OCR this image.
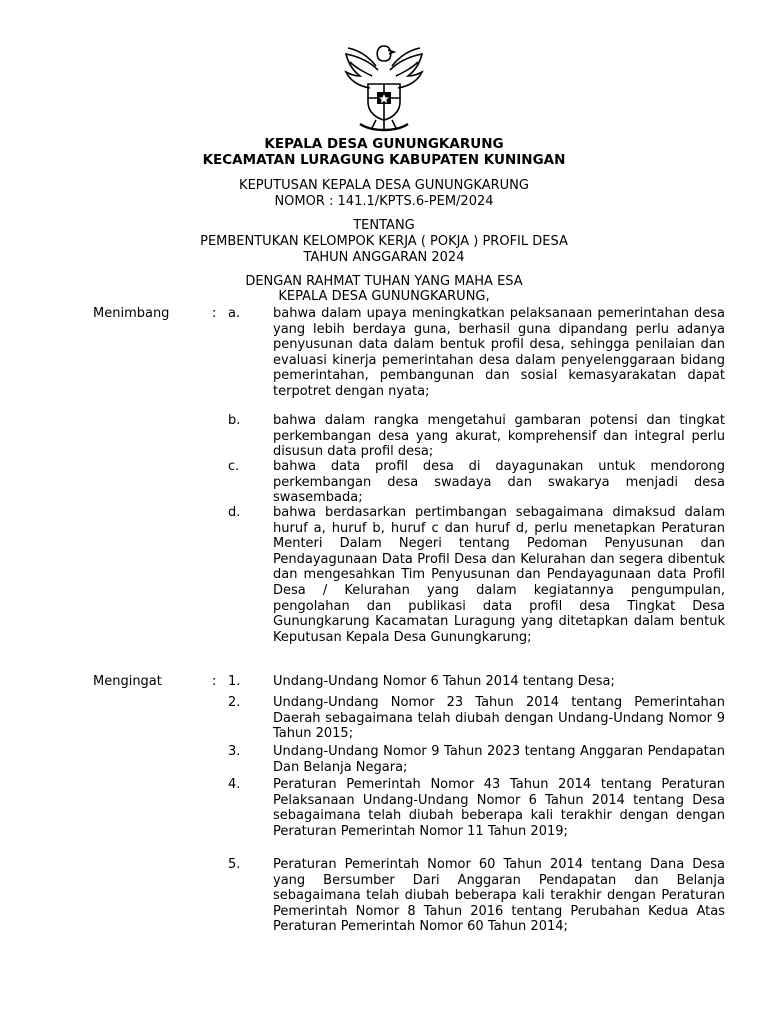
KEPALA DESA GUNUNGKARUNG
KECAMATAN LURAGUNG KABUPATEN KUNINGAN
KEPUTUSAN KEPALA DESA GUNUNGKARUNG
NOMOR : 141.1/KPTS.6-PEM/2024
TENTANG
PEMBENTUKAN KELOMPOK KERJA ( POKJA ) PROFIL DESA
TAHUN ANGGARAN 2024
DENGAN RAHMAT TUHAN YANG MAHA ESA
KEPALA DESA GUNUNGKARUNG,
Menimbang	: a.	bahwa dalam upaya meningkatkan pelaksanaan pemerintahan desa yang lebih berdaya guna, berhasil guna dipandang perlu adanya penyusunan data dalam bentuk profil desa, sehingga penilaian dan evaluasi kinerja pemerintahan desa dalam penyelenggaraan bidang pemerintahan, pembangunan dan sosial kemasyarakatan dapat terpotret dengan nyata;
b.	bahwa dalam rangka mengetahui gambaran potensi dan tingkat perkembangan desa yang akurat, komprehensif dan integral perlu disusun data profil desa;
c.	bahwa data profil desa di dayagunakan untuk mendorong perkembangan desa swadaya dan swakarya menjadi desa swasembada;
d.	bahwa berdasarkan pertimbangan sebagaimana dimaksud dalam huruf a, huruf b, huruf c dan huruf d, perlu menetapkan Peraturan Menteri Dalam Negeri tentang Pedoman Penyusunan dan Pendayagunaan Data Profil Desa dan Kelurahan dan segera dibentuk dan mengesahkan Tim Penyusunan dan Pendayagunaan data Profil Desa / Kelurahan yang dalam kegiatannya pengumpulan, pengolahan dan publikasi data profil desa Tingkat Desa Gunungkarung Kacamatan Luragung yang ditetapkan dalam bentuk Keputusan Kepala Desa Gunungkarung;
Mengingat	: 1.	Undang-Undang Nomor 6 Tahun 2014 tentang Desa;
2.	Undang-Undang Nomor 23 Tahun 2014 tentang Pemerintahan Daerah sebagaimana telah diubah dengan Undang-Undang Nomor 9 Tahun 2015;
3.	Undang-Undang Nomor 9 Tahun 2023 tentang Anggaran Pendapatan Dan Belanja Negara;
4.	Peraturan Pemerintah Nomor 43 Tahun 2014 tentang Peraturan Pelaksanaan Undang-Undang Nomor 6 Tahun 2014 tentang Desa sebagaimana telah diubah beberapa kali terakhir dengan dengan Peraturan Pemerintah Nomor 11 Tahun 2019;
5.	Peraturan Pemerintah Nomor 60 Tahun 2014 tentang Dana Desa yang Bersumber Dari Anggaran Pendapatan dan Belanja sebagaimana telah diubah beberapa kali terakhir dengan Peraturan Pemerintah Nomor 8 Tahun 2016 tentang Perubahan Kedua Atas Peraturan Pemerintah Nomor 60 Tahun 2014;
